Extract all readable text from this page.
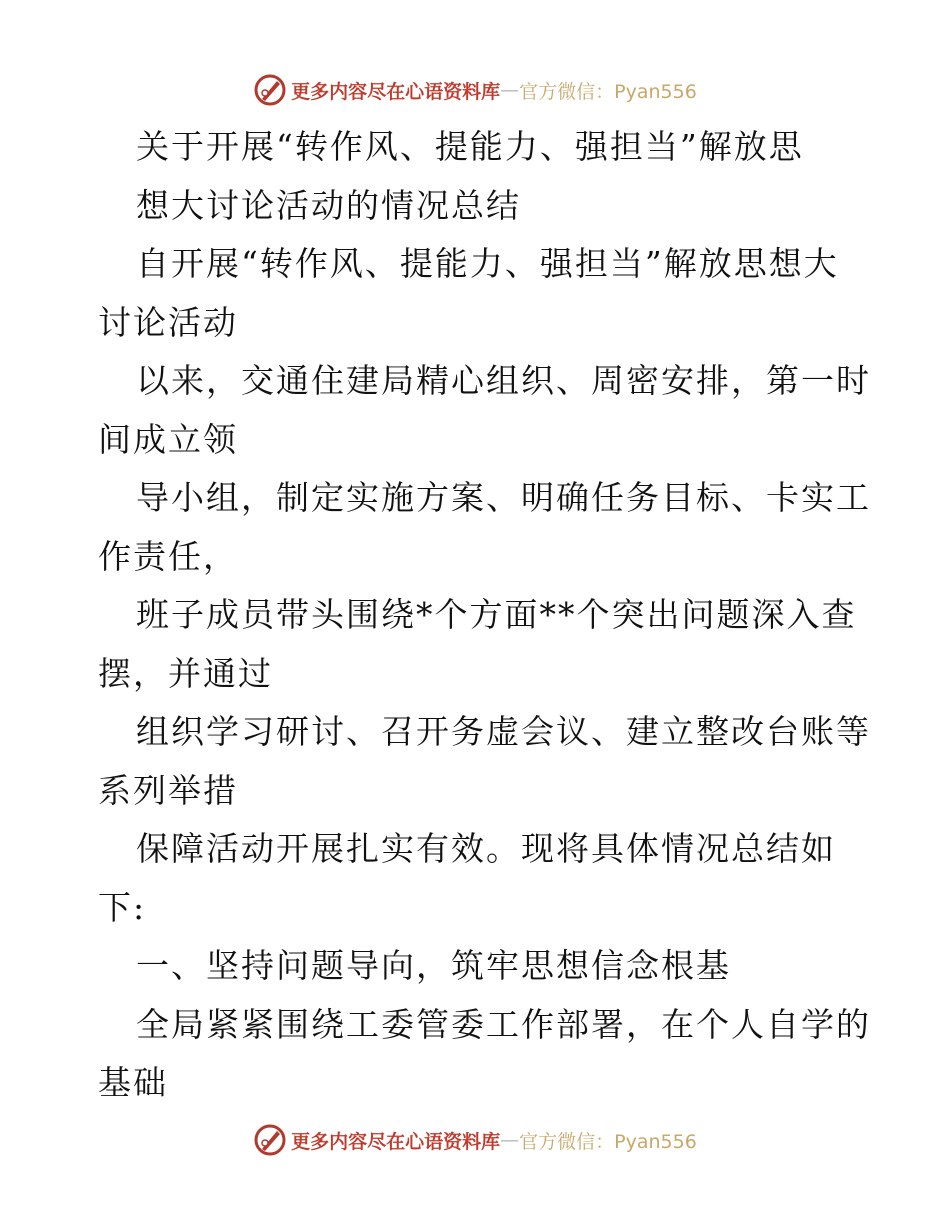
更多内容尽在心语资料库 — 官方微信：Pyan556
关于开展“转作风、提能力、强担当”解放思
想大讨论活动的情况总结
自开展“转作风、提能力、强担当”解放思想大
讨论活动
以来，交通住建局精心组织、周密安排，第一时
间成立领
导小组，制定实施方案、明确任务目标、卡实工
作责任，
班子成员带头围绕*个方面**个突出问题深入查
摆，并通过
组织学习研讨、召开务虚会议、建立整改台账等
系列举措
保障活动开展扎实有效。现将具体情况总结如
下:
一、坚持问题导向，筑牢思想信念根基
全局紧紧围绕工委管委工作部署，在个人自学的
基础
更多内容尽在心语资料库 — 官方微信：Pyan556
